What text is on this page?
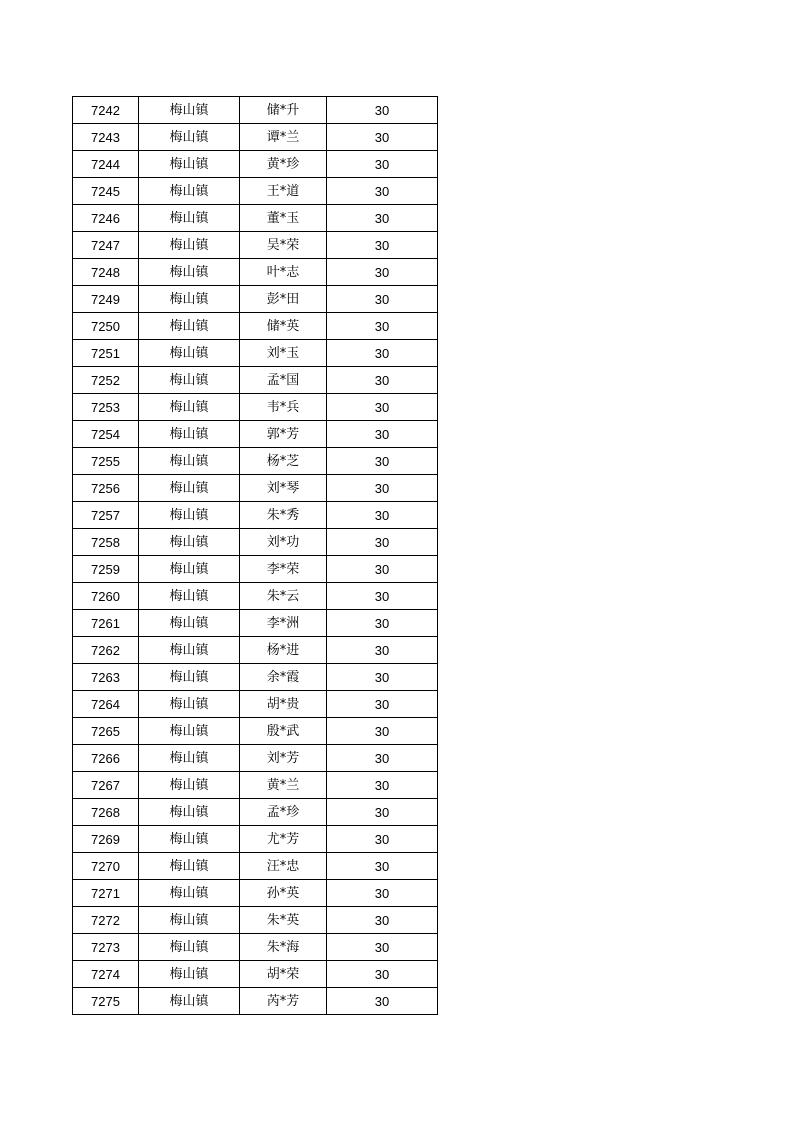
7242	梅山镇	储*升	30
7243	梅山镇	谭*兰	30
7244	梅山镇	黄*珍	30
7245	梅山镇	王*道	30
7246	梅山镇	董*玉	30
7247	梅山镇	吴*荣	30
7248	梅山镇	叶*志	30
7249	梅山镇	彭*田	30
7250	梅山镇	储*英	30
7251	梅山镇	刘*玉	30
7252	梅山镇	孟*国	30
7253	梅山镇	韦*兵	30
7254	梅山镇	郭*芳	30
7255	梅山镇	杨*芝	30
7256	梅山镇	刘*琴	30
7257	梅山镇	朱*秀	30
7258	梅山镇	刘*功	30
7259	梅山镇	李*荣	30
7260	梅山镇	朱*云	30
7261	梅山镇	李*洲	30
7262	梅山镇	杨*进	30
7263	梅山镇	余*霞	30
7264	梅山镇	胡*贵	30
7265	梅山镇	殷*武	30
7266	梅山镇	刘*芳	30
7267	梅山镇	黄*兰	30
7268	梅山镇	孟*珍	30
7269	梅山镇	尤*芳	30
7270	梅山镇	汪*忠	30
7271	梅山镇	孙*英	30
7272	梅山镇	朱*英	30
7273	梅山镇	朱*海	30
7274	梅山镇	胡*荣	30
7275	梅山镇	芮*芳	30
